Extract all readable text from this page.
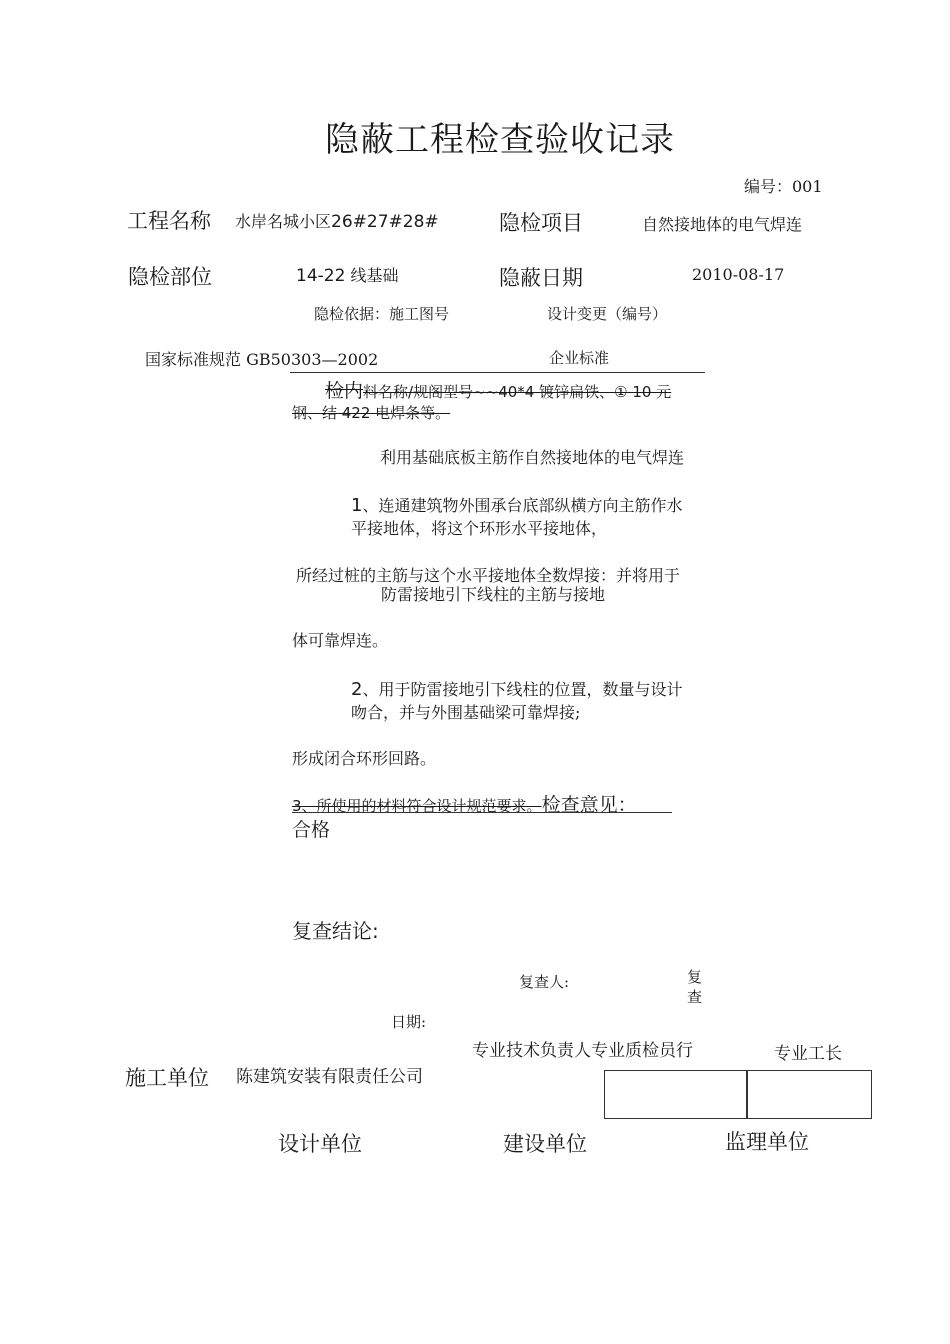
隐蔽工程检查验收记录
编号：001
工程名称 水岸名城小区26#27#28#	隐检项目	自然接地体的电气焊连
隐检部位	14-22 线基础	隐蔽日期	2010-08-17
隐检依据：施工图号	设计变更（编号）
国家标准规范 GB50303—2002	企业标准
检内料名称/规阁型号~~40*4 镀锌扁铁、① 10 元
钢、结 422 电焊条等。
利用基础底板主筋作自然接地体的电气焊连
1、连通建筑物外围承台底部纵横方向主筋作水
平接地体，将这个环形水平接地体，
所经过桩的主筋与这个水平接地体全数焊接：并将用于
防雷接地引下线柱的主筋与接地
体可靠焊连。
2、用于防雷接地引下线柱的位置，数量与设计
吻合，并与外围基础梁可靠焊接;
形成闭合环形回路。
3、所使用的材料符合设计规范要求。检查意见：
合格
复查结论:
复查人:	复
查
日期:
专业技术负责人专业质检员行	专业工长
施工单位 陈建筑安装有限责任公司
设计单位	建设单位	监理单位
